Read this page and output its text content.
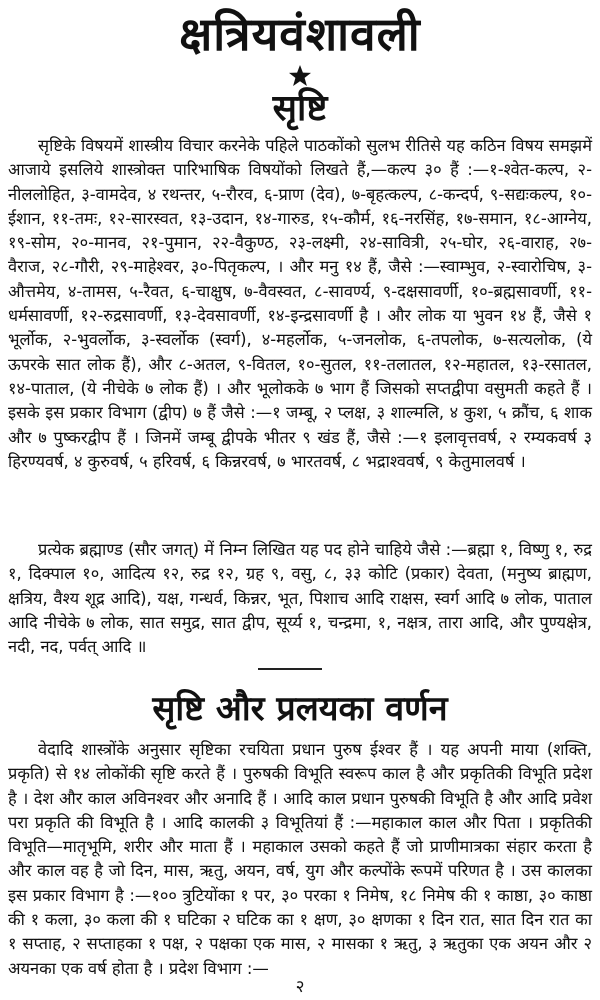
क्षत्रियवंशावली
सृष्टि

सृष्टिके विषयमें शास्त्रीय विचार करनेके पहिले पाठकोंको सुलभ रीतिसे यह कठिन विषय समझमें आजाये इसलिये शास्त्रोक्त पारिभाषिक विषयोंको लिखते हैं,—कल्प ३० हैं :—१-श्वेत-कल्प, २-नीललोहित, ३-वामदेव, ४ रथन्तर, ५-रौरव, ६-प्राण (देव), ७-बृहत्कल्प, ८-कन्दर्प, ९-सद्यःकल्प, १०-ईशान, ११-तमः, १२-सारस्वत, १३-उदान, १४-गारुड, १५-कौर्म, १६-नरसिंह, १७-समान, १८-आग्नेय, १९-सोम, २०-मानव, २१-पुमान, २२-वैकुण्ठ, २३-लक्ष्मी, २४-सावित्री, २५-घोर, २६-वाराह, २७-वैराज, २८-गौरी, २९-माहेश्वर, ३०-पितृकल्प, । और मनु १४ हैं, जैसे :—स्वाम्भुव, २-स्वारोचिष, ३-औत्तमेय, ४-तामस, ५-रैवत, ६-चाक्षुष, ७-वैवस्वत, ८-सावर्ण्य, ९-दक्षसावर्णी, १०-ब्रह्मसावर्णी, ११-धर्मसावर्णी, १२-रुद्रसावर्णी, १३-देवसावर्णी, १४-इन्द्रसावर्णी है । और लोक या भुवन १४ हैं, जैसे १ भूर्लोक, २-भुवर्लोक, ३-स्वर्लोक (स्वर्ग), ४-महर्लोक, ५-जनलोक, ६-तपलोक, ७-सत्यलोक, (ये ऊपरके सात लोक हैं), और ८-अतल, ९-वितल, १०-सुतल, ११-तलातल, १२-महातल, १३-रसातल, १४-पाताल, (ये नीचेके ७ लोक हैं) । और भूलोकके ७ भाग हैं जिसको सप्तद्वीपा वसुमती कहते हैं । इसके इस प्रकार विभाग (द्वीप) ७ हैं जैसे :—१ जम्बू, २ प्लक्ष, ३ शाल्मलि, ४ कुश, ५ क्रौंच, ६ शाक और ७ पुष्करद्वीप हैं । जिनमें जम्बू द्वीपके भीतर ९ खंड हैं, जैसे :—१ इलावृत्तवर्ष, २ रम्यकवर्ष ३ हिरण्यवर्ष, ४ कुरुवर्ष, ५ हरिवर्ष, ६ किन्नरवर्ष, ७ भारतवर्ष, ८ भद्राश्ववर्ष, ९ केतुमालवर्ष ।

प्रत्येक ब्रह्माण्ड (सौर जगत्) में निम्न लिखित यह पद होने चाहिये जैसे :—ब्रह्मा १, विष्णु १, रुद्र १, दिक्पाल १०, आदित्य १२, रुद्र १२, ग्रह ९, वसु, ८, ३३ कोटि (प्रकार) देवता, (मनुष्य ब्राह्मण, क्षत्रिय, वैश्य शूद्र आदि), यक्ष, गन्धर्व, किन्नर, भूत, पिशाच आदि राक्षस, स्वर्ग आदि ७ लोक, पाताल आदि नीचेके ७ लोक, सात समुद्र, सात द्वीप, सूर्य्य १, चन्द्रमा, १, नक्षत्र, तारा आदि, और पुण्यक्षेत्र, नदी, नद, पर्वत् आदि ॥

सृष्टि और प्रलयका वर्णन

वेदादि शास्त्रोंके अनुसार सृष्टिका रचयिता प्रधान पुरुष ईश्वर हैं । यह अपनी माया (शक्ति, प्रकृति) से १४ लोकोंकी सृष्टि करते हैं । पुरुषकी विभूति स्वरूप काल है और प्रकृतिकी विभूति प्रदेश है । देश और काल अविनश्वर और अनादि हैं । आदि काल प्रधान पुरुषकी विभूति है और आदि प्रवेश परा प्रकृति की विभूति है । आदि कालकी ३ विभूतियां हैं :—महाकाल काल और पिता । प्रकृतिकी विभूति—मातृभूमि, शरीर और माता हैं । महाकाल उसको कहते हैं जो प्राणीमात्रका संहार करता है और काल वह है जो दिन, मास, ऋतु, अयन, वर्ष, युग और कल्पोंके रूपमें परिणत है । उस कालका इस प्रकार विभाग है :—१०० त्रुटियोंका १ पर, ३० परका १ निमेष, १८ निमेष की १ काष्ठा, ३० काष्ठा की १ कला, ३० कला की १ घटिका २ घटिक का १ क्षण, ३० क्षणका १ दिन रात, सात दिन रात का १ सप्ताह, २ सप्ताहका १ पक्ष, २ पक्षका एक मास, २ मासका १ ऋतु, ३ ऋतुका एक अयन और २ अयनका एक वर्ष होता है । प्रदेश विभाग :—

२
